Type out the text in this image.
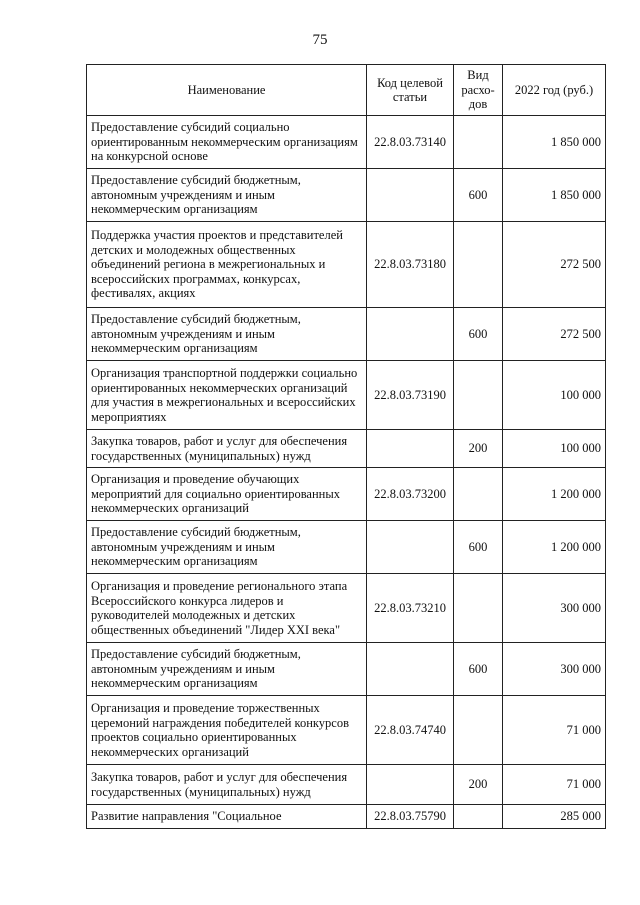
75
Наименование	Код целевой статьи	Вид расхо-дов	2022 год (руб.)
Предоставление субсидий социально ориентированным некоммерческим организациям на конкурсной основе	22.8.03.73140		1 850 000
Предоставление субсидий бюджетным, автономным учреждениям и иным некоммерческим организациям		600	1 850 000
Поддержка участия проектов и представителей детских и молодежных общественных объединений региона в межрегиональных и всероссийских программах, конкурсах, фестивалях, акциях	22.8.03.73180		272 500
Предоставление субсидий бюджетным, автономным учреждениям и иным некоммерческим организациям		600	272 500
Организация транспортной поддержки социально ориентированных некоммерческих организаций для участия в межрегиональных и всероссийских мероприятиях	22.8.03.73190		100 000
Закупка товаров, работ и услуг для обеспечения государственных (муниципальных) нужд		200	100 000
Организация и проведение обучающих мероприятий для социально ориентированных некоммерческих организаций	22.8.03.73200		1 200 000
Предоставление субсидий бюджетным, автономным учреждениям и иным некоммерческим организациям		600	1 200 000
Организация и проведение регионального этапа Всероссийского конкурса лидеров и руководителей молодежных и детских общественных объединений "Лидер XXI века"	22.8.03.73210		300 000
Предоставление субсидий бюджетным, автономным учреждениям и иным некоммерческим организациям		600	300 000
Организация и проведение торжественных церемоний награждения победителей конкурсов проектов социально ориентированных некоммерческих организаций	22.8.03.74740		71 000
Закупка товаров, работ и услуг для обеспечения государственных (муниципальных) нужд		200	71 000
Развитие направления "Социальное	22.8.03.75790		285 000
